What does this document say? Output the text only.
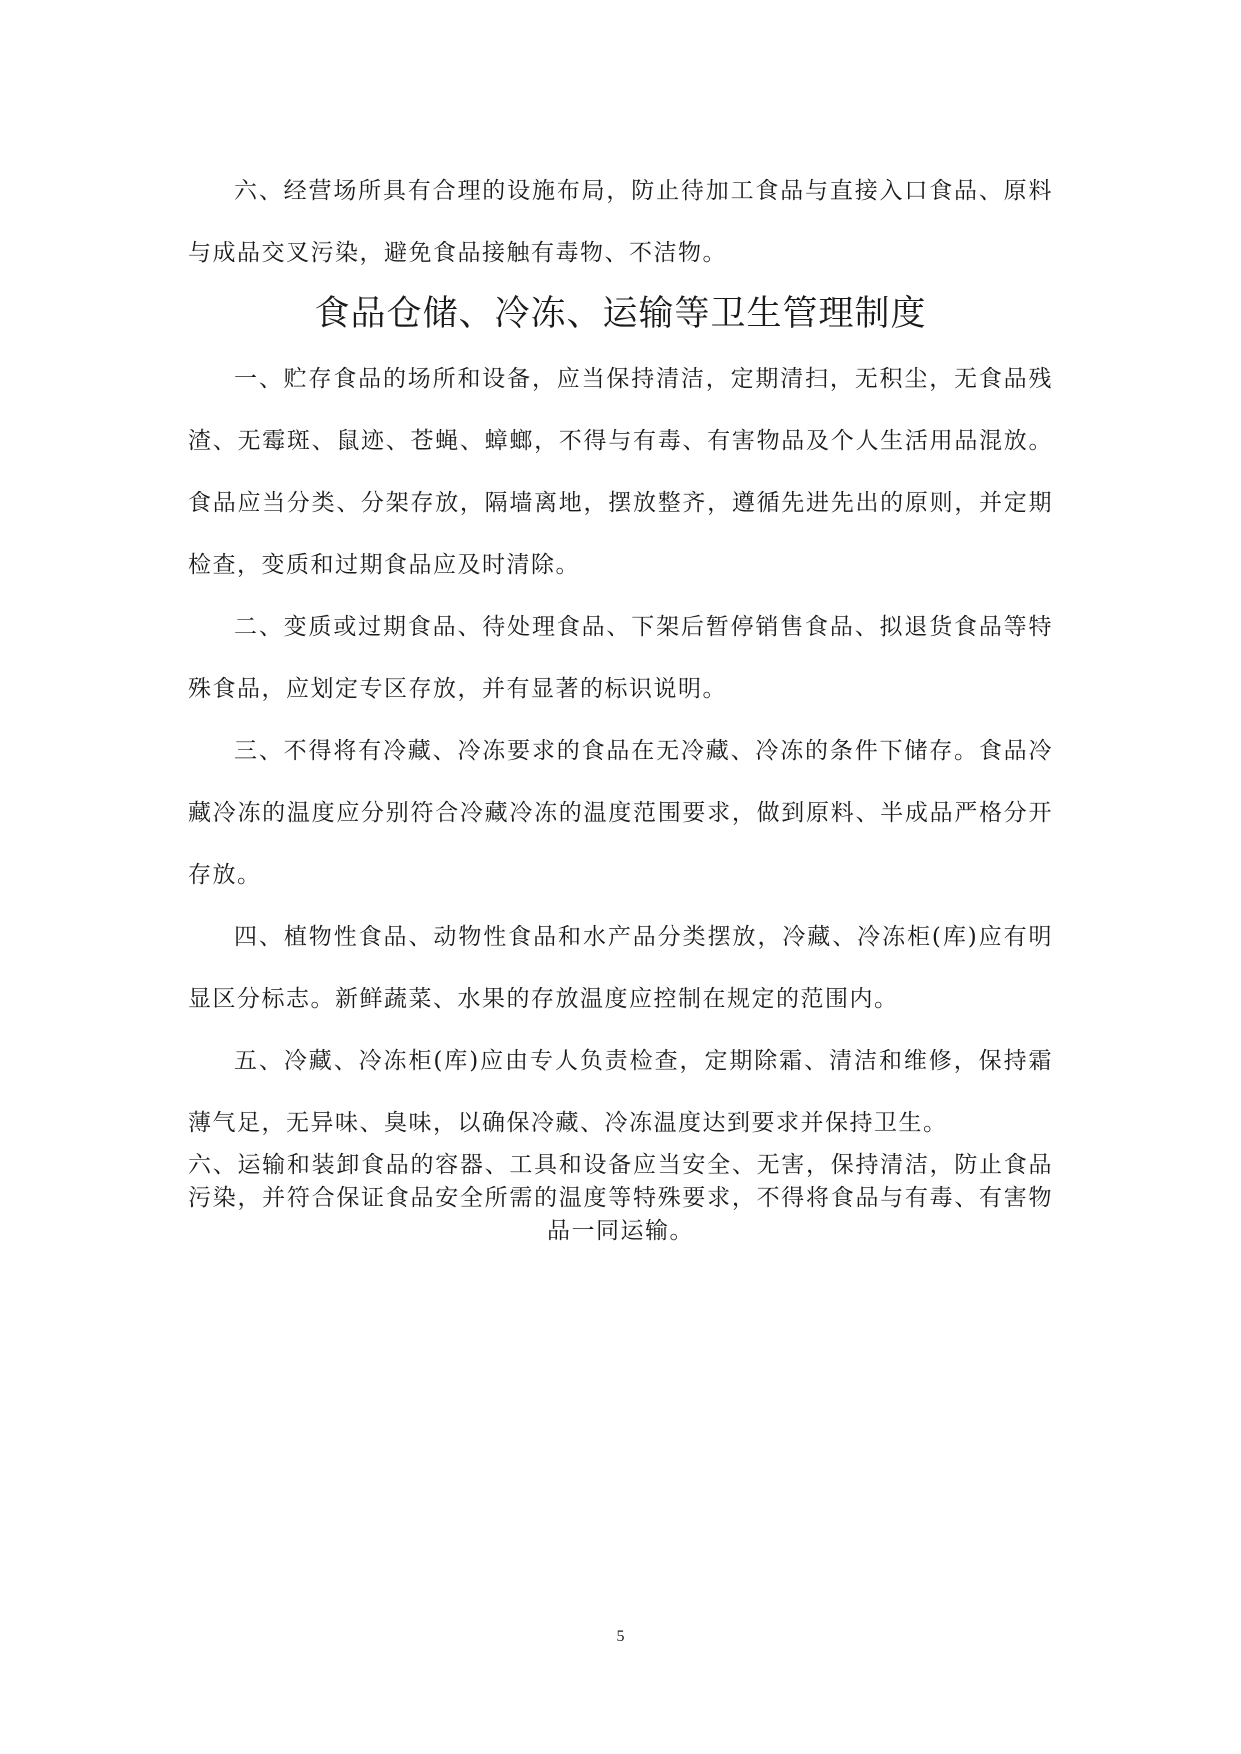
六、经营场所具有合理的设施布局，防止待加工食品与直接入口食品、原料与成品交叉污染，避免食品接触有毒物、不洁物。

食品仓储、冷冻、运输等卫生管理制度

一、贮存食品的场所和设备，应当保持清洁，定期清扫，无积尘，无食品残渣、无霉斑、鼠迹、苍蝇、蟑螂，不得与有毒、有害物品及个人生活用品混放。食品应当分类、分架存放，隔墙离地，摆放整齐，遵循先进先出的原则，并定期检查，变质和过期食品应及时清除。

二、变质或过期食品、待处理食品、下架后暂停销售食品、拟退货食品等特殊食品，应划定专区存放，并有显著的标识说明。

三、不得将有冷藏、冷冻要求的食品在无冷藏、冷冻的条件下储存。食品冷藏冷冻的温度应分别符合冷藏冷冻的温度范围要求，做到原料、半成品严格分开存放。

四、植物性食品、动物性食品和水产品分类摆放，冷藏、冷冻柜(库)应有明显区分标志。新鲜蔬菜、水果的存放温度应控制在规定的范围内。

五、冷藏、冷冻柜(库)应由专人负责检查，定期除霜、清洁和维修，保持霜薄气足，无异味、臭味，以确保冷藏、冷冻温度达到要求并保持卫生。

六、运输和装卸食品的容器、工具和设备应当安全、无害，保持清洁，防止食品污染，并符合保证食品安全所需的温度等特殊要求，不得将食品与有毒、有害物品一同运输。

5
